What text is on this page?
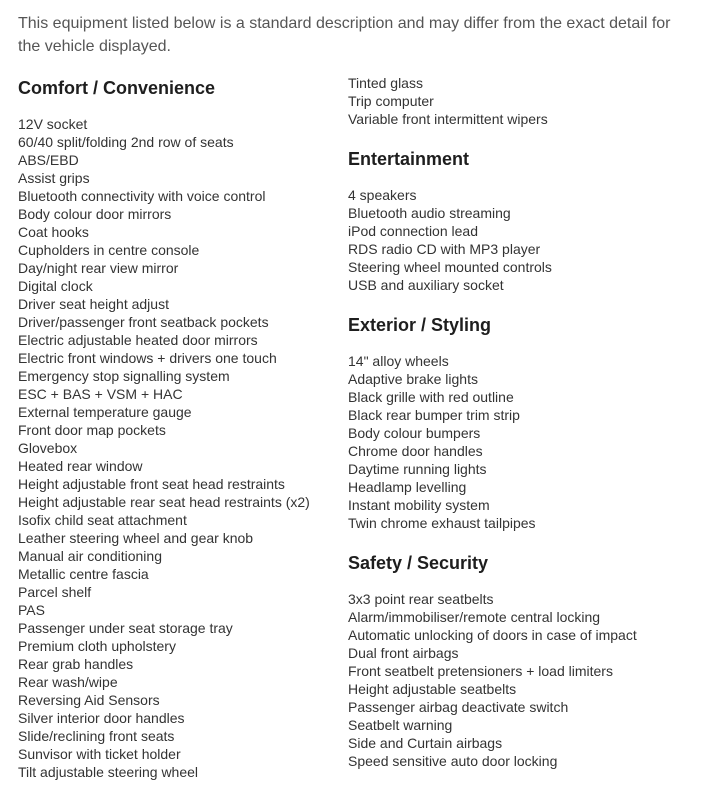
This equipment listed below is a standard description and may differ from the exact detail for the vehicle displayed.

Comfort / Convenience
12V socket
60/40 split/folding 2nd row of seats
ABS/EBD
Assist grips
Bluetooth connectivity with voice control
Body colour door mirrors
Coat hooks
Cupholders in centre console
Day/night rear view mirror
Digital clock
Driver seat height adjust
Driver/passenger front seatback pockets
Electric adjustable heated door mirrors
Electric front windows + drivers one touch
Emergency stop signalling system
ESC + BAS + VSM + HAC
External temperature gauge
Front door map pockets
Glovebox
Heated rear window
Height adjustable front seat head restraints
Height adjustable rear seat head restraints (x2)
Isofix child seat attachment
Leather steering wheel and gear knob
Manual air conditioning
Metallic centre fascia
Parcel shelf
PAS
Passenger under seat storage tray
Premium cloth upholstery
Rear grab handles
Rear wash/wipe
Reversing Aid Sensors
Silver interior door handles
Slide/reclining front seats
Sunvisor with ticket holder
Tilt adjustable steering wheel
Tinted glass
Trip computer
Variable front intermittent wipers
Entertainment
4 speakers
Bluetooth audio streaming
iPod connection lead
RDS radio CD with MP3 player
Steering wheel mounted controls
USB and auxiliary socket
Exterior / Styling
14" alloy wheels
Adaptive brake lights
Black grille with red outline
Black rear bumper trim strip
Body colour bumpers
Chrome door handles
Daytime running lights
Headlamp levelling
Instant mobility system
Twin chrome exhaust tailpipes
Safety / Security
3x3 point rear seatbelts
Alarm/immobiliser/remote central locking
Automatic unlocking of doors in case of impact
Dual front airbags
Front seatbelt pretensioners + load limiters
Height adjustable seatbelts
Passenger airbag deactivate switch
Seatbelt warning
Side and Curtain airbags
Speed sensitive auto door locking
